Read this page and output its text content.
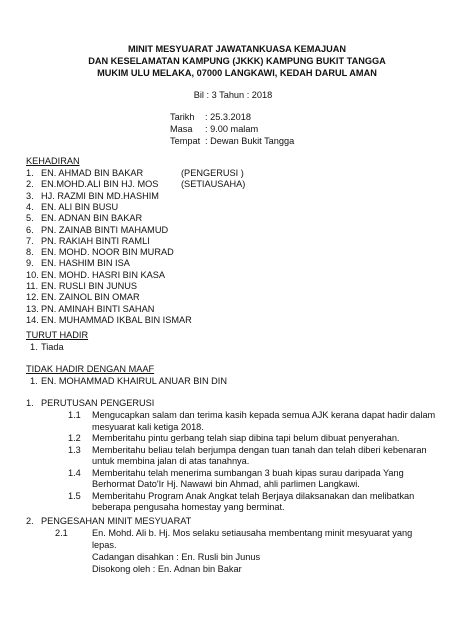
MINIT MESYUARAT JAWATANKUASA KEMAJUAN
DAN KESELAMATAN KAMPUNG (JKKK) KAMPUNG BUKIT TANGGA
MUKIM ULU MELAKA, 07000 LANGKAWI, KEDAH DARUL AMAN
Bil : 3 Tahun : 2018
Tarikh : 25.3.2018
Masa : 9.00 malam
Tempat : Dewan Bukit Tangga
KEHADIRAN
TURUT HADIR
1. Tiada
TIDAK HADIR DENGAN MAAF
1. EN. MOHAMMAD KHAIRUL ANUAR BIN DIN
1. PERUTUSAN PENGERUSI
2. PENGESAHAN MINIT MESYUARAT
2.1	En. Mohd. Ali b. Hj. Mos selaku setiausaha membentang minit mesyuarat yang
lepas.
Cadangan disahkan : En. Rusli bin Junus
Disokong oleh : En. Adnan bin Bakar
1. EN. AHMAD BIN BAKAR	(PENGERUSI )
2. EN.MOHD.ALI BIN HJ. MOS (SETIAUSAHA)
3. HJ. RAZMI BIN MD.HASHIM
4. EN. ALI BIN BUSU
5. EN. ADNAN BIN BAKAR
6. PN. ZAINAB BINTI MAHAMUD
7. PN. RAKIAH BINTI RAMLI
8. EN. MOHD. NOOR BIN MURAD
9. EN. HASHIM BIN ISA
10. EN. MOHD. HASRI BIN KASA
11. EN. RUSLI BIN JUNUS
12. EN. ZAINOL BIN OMAR
13. PN. AMINAH BINTI SAHAN
14. EN. MUHAMMAD IKBAL BIN ISMAR
1.1 Mengucapkan salam dan terima kasih kepada semua AJK kerana dapat hadir dalam
mesyuarat kali ketiga 2018.
1.2 Memberitahu pintu gerbang telah siap dibina tapi belum dibuat penyerahan.
1.3 Memberitahu beliau telah berjumpa dengan tuan tanah dan telah diberi kebenaran
untuk membina jalan di atas tanahnya.
1.4 Memberitahu telah menerima sumbangan 3 buah kipas surau daripada Yang
Berhormat Dato'Ir Hj. Nawawi bin Ahmad, ahli parlimen Langkawi.
1.5 Memberitahu Program Anak Angkat telah Berjaya dilaksanakan dan melibatkan
beberapa pengusaha homestay yang berminat.
